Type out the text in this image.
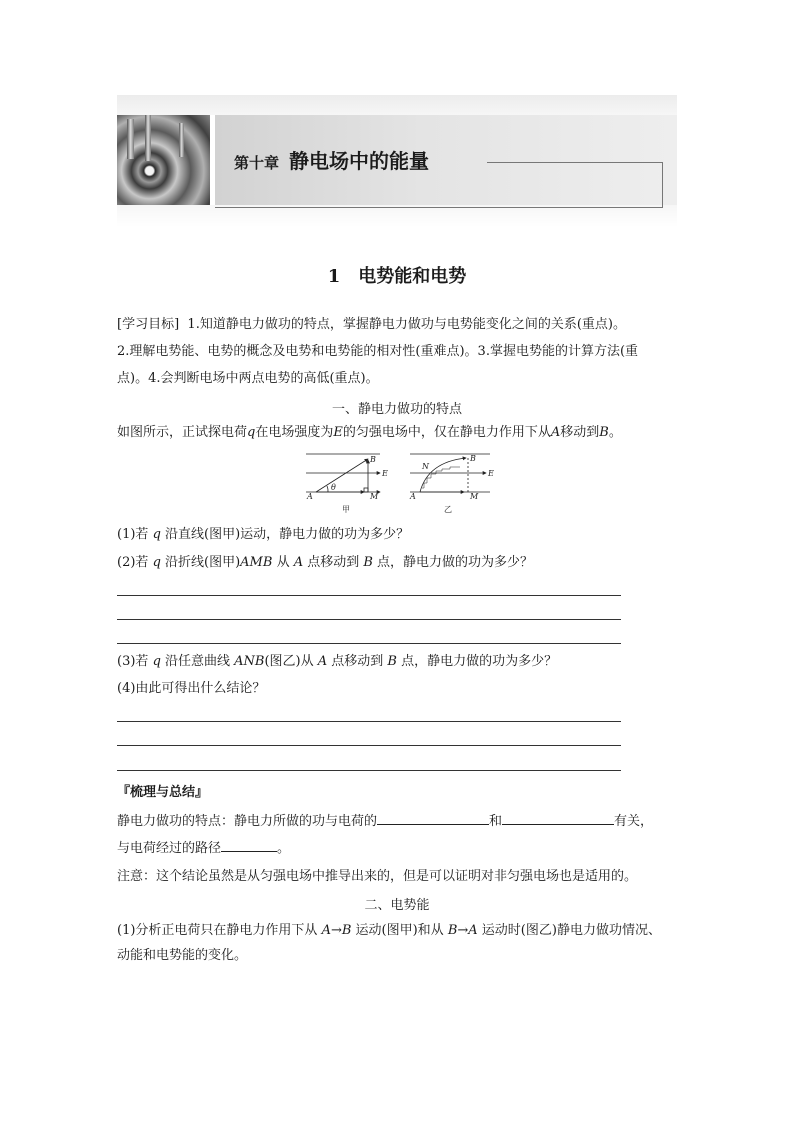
第十章 静电场中的能量
1　电势能和电势
[学习目标] 1.知道静电力做功的特点，掌握静电力做功与电势能变化之间的关系(重点)。
2.理解电势能、电势的概念及电势和电势能的相对性(重难点)。3.掌握电势能的计算方法(重
点)。4.会判断电场中两点电势的高低(重点)。
一、静电力做功的特点
如图所示，正试探电荷q在电场强度为E的匀强电场中，仅在静电力作用下从A移动到B。
B
E
A
θ
M
甲
B
N
E
A	M
乙
(1)若 q 沿直线(图甲)运动，静电力做的功为多少？
(2)若 q 沿折线(图甲)AMB 从 A 点移动到 B 点，静电力做的功为多少？
(3)若 q 沿任意曲线 ANB(图乙)从 A 点移动到 B 点，静电力做的功为多少？
(4)由此可得出什么结论？
『梳理与总结』
静电力做功的特点：静电力所做的功与电荷的	和	有关，
与电荷经过的路径	。
注意：这个结论虽然是从匀强电场中推导出来的，但是可以证明对非匀强电场也是适用的。
二、电势能
(1)分析正电荷只在静电力作用下从 A→B 运动(图甲)和从 B→A 运动时(图乙)静电力做功情况、
动能和电势能的变化。
